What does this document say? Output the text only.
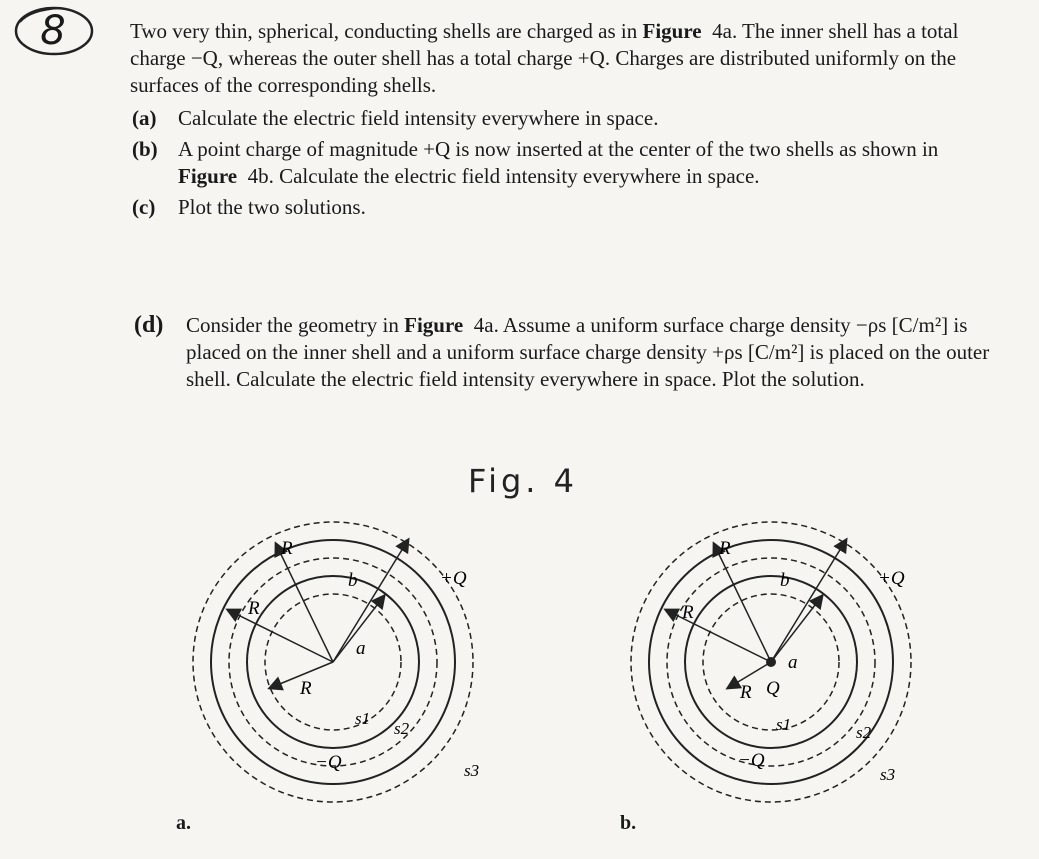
8	Two very thin, spherical, conducting shells are charged as in Figure 4a. The inner shell has a total charge −Q, whereas the outer shell has a total charge +Q. Charges are distributed uniformly on the surfaces of the corresponding shells.

(a) Calculate the electric field intensity everywhere in space.
(b) A point charge of magnitude +Q is now inserted at the center of the two shells as shown in Figure 4b. Calculate the electric field intensity everywhere in space.
(c) Plot the two solutions.
(d) Consider the geometry in Figure 4a. Assume a uniform surface charge density −ρs [C/m²] is placed on the inner shell and a uniform surface charge density +ρs [C/m²] is placed on the outer shell. Calculate the electric field intensity everywhere in space. Plot the solution.

Fig. 4
R
b	+Q
R
a
R
s1
s2
−Q	s3
a.
R
b	+Q
R
a
R Q
s1	s2
−Q
s3
b.
